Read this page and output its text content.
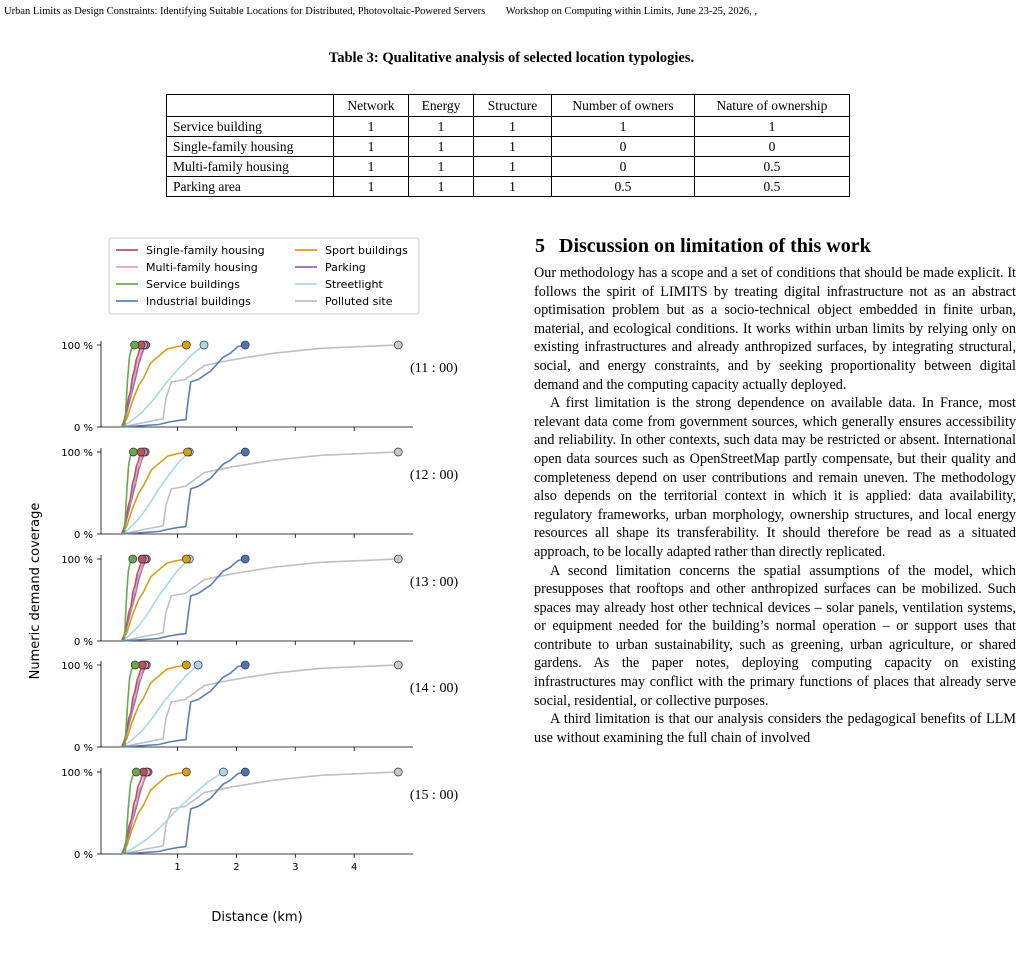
Urban Limits as Design Constraints: Identifying Suitable Locations for Distributed, Photovoltaic-Powered Servers Workshop on Computing within Limits, June 23-25, 2026, ,
Table 3: Qualitative analysis of selected location typologies.
	Network	Energy	Structure	Number of owners	Nature of ownership
Service building	1	1	1	1	1
Single-family housing	1	1	1	0	0
Multi-family housing	1	1	1	0	0.5
Parking area	1	1	1	0.5	0.5
Single-family housing
Multi-family housing
Service buildings
Industrial buildings
Sport buildings
Parking
Streetlight
Polluted site
100 %
0 %
(11 : 00)
100 %
0 %
(12 : 00)
100 %
0 %
(13 : 00)
100 %
0 %
(14 : 00)
100 %
0 %
1	2	3	4
(15 : 00)
Numeric demand coverage
Distance (km)
5 Discussion on limitation of this work

Our methodology has a scope and a set of conditions that should be made explicit. It follows the spirit of LIMITS by treating digital infrastructure not as an abstract optimisation problem but as a socio-technical object embedded in finite urban, material, and ecological conditions. It works within urban limits by relying only on existing infrastructures and already anthropized surfaces, by integrating structural, social, and energy constraints, and by seeking proportionality between digital demand and the computing capacity actually deployed.

A first limitation is the strong dependence on available data. In France, most relevant data come from government sources, which generally ensures accessibility and reliability. In other contexts, such data may be restricted or absent. International open data sources such as OpenStreetMap partly compensate, but their quality and completeness depend on user contributions and remain uneven. The methodology also depends on the territorial context in which it is applied: data availability, regulatory frameworks, urban morphology, ownership structures, and local energy resources all shape its transferability. It should therefore be read as a situated approach, to be locally adapted rather than directly replicated.

A second limitation concerns the spatial assumptions of the model, which presupposes that rooftops and other anthropized surfaces can be mobilized. Such spaces may already host other technical devices – solar panels, ventilation systems, or equipment needed for the building’s normal operation – or support uses that contribute to urban sustainability, such as greening, urban agriculture, or shared gardens. As the paper notes, deploying computing capacity on existing infrastructures may conflict with the primary functions of places that already serve social, residential, or collective purposes.

A third limitation is that our analysis considers the pedagogical benefits of LLM use without examining the full chain of involved
